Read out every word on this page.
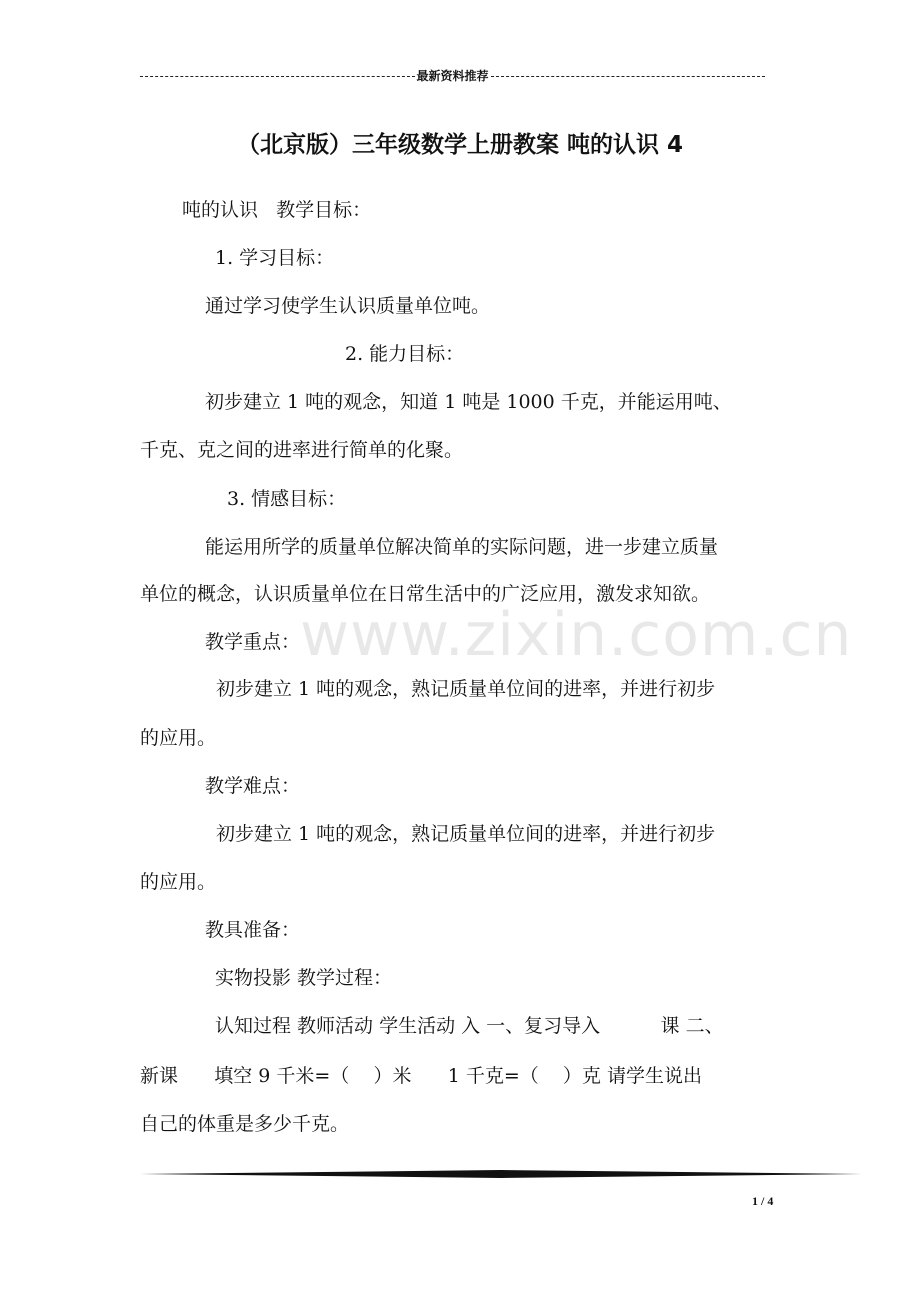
最新资料推荐
（北京版）三年级数学上册教案 吨的认识 4
吨的认识   教学目标：
1. 学习目标：
通过学习使学生认识质量单位吨。
2. 能力目标：
初步建立 1 吨的观念，知道 1 吨是 1000 千克，并能运用吨、
千克、克之间的进率进行简单的化聚。
3. 情感目标：
能运用所学的质量单位解决简单的实际问题，进一步建立质量
单位的概念，认识质量单位在日常生活中的广泛应用，激发求知欲。
教学重点：
初步建立 1 吨的观念，熟记质量单位间的进率，并进行初步
的应用。
教学难点：
初步建立 1 吨的观念，熟记质量单位间的进率，并进行初步
的应用。
教具准备：
实物投影 教学过程：
认知过程 教师活动 学生活动 入 一、复习导入          课 二、
新课      填空 9 千米=（    ）米      1 千克=（    ）克 请学生说出
自己的体重是多少千克。
www.zixin.com.cn
1 / 4
